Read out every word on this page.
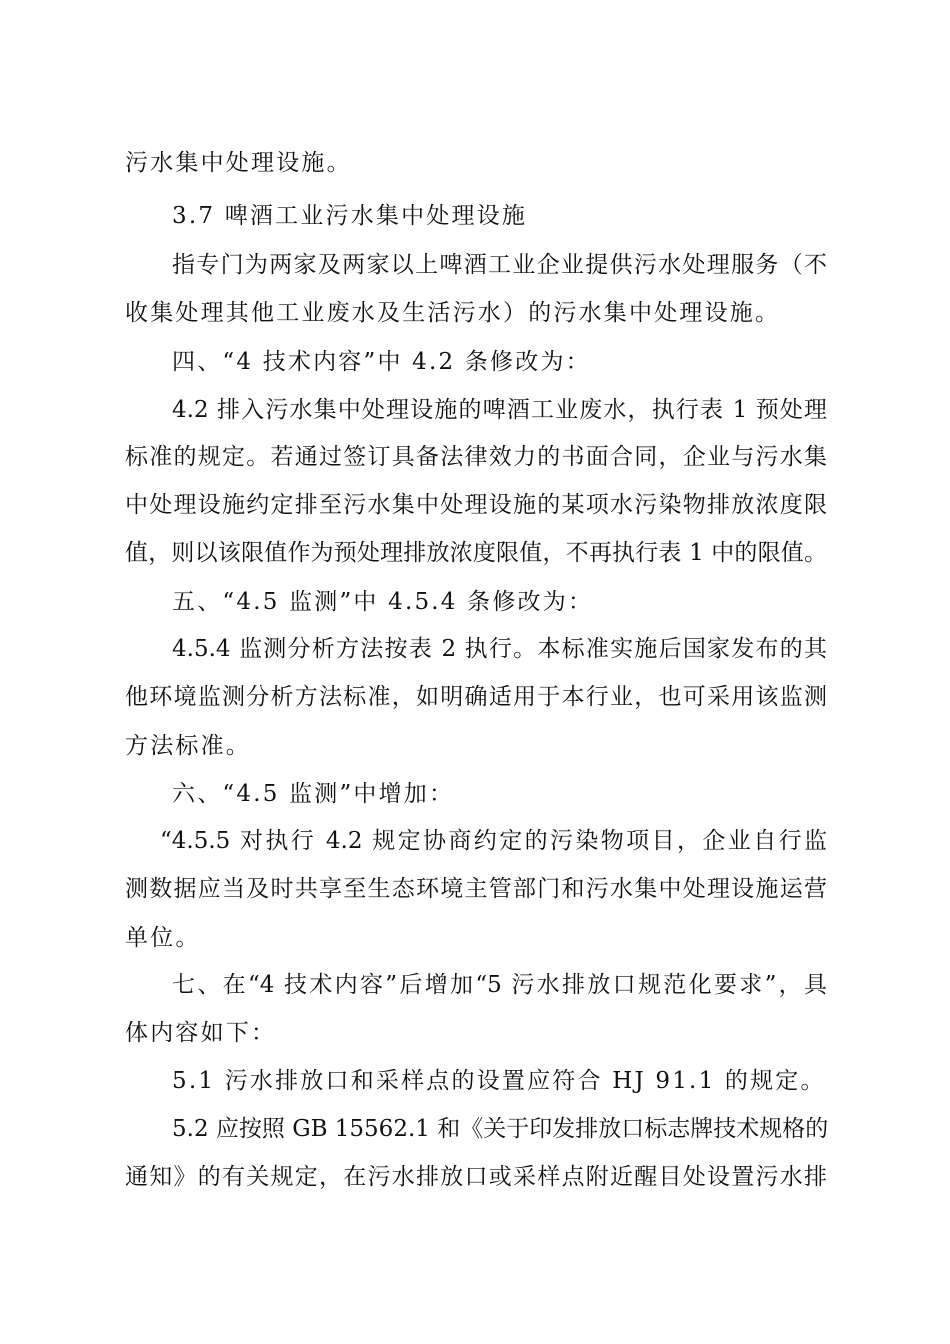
污水集中处理设施。

3.7 啤酒工业污水集中处理设施

指专门为两家及两家以上啤酒工业企业提供污水处理服务（不

收集处理其他工业废水及生活污水）的污水集中处理设施。

四、“4 技术内容”中 4.2 条修改为：

4.2 排入污水集中处理设施的啤酒工业废水，执行表 1 预处理

标准的规定。若通过签订具备法律效力的书面合同，企业与污水集

中处理设施约定排至污水集中处理设施的某项水污染物排放浓度限

值，则以该限值作为预处理排放浓度限值，不再执行表 1 中的限值。

五、“4.5 监测”中 4.5.4 条修改为：

4.5.4 监测分析方法按表 2 执行。本标准实施后国家发布的其

他环境监测分析方法标准，如明确适用于本行业，也可采用该监测

方法标准。

六、“4.5 监测”中增加：

“4.5.5 对执行 4.2 规定协商约定的污染物项目，企业自行监

测数据应当及时共享至生态环境主管部门和污水集中处理设施运营

单位。

七、在“4 技术内容”后增加“5 污水排放口规范化要求”，具

体内容如下：

5.1 污水排放口和采样点的设置应符合 HJ 91.1 的规定。

5.2 应按照 GB 15562.1 和《关于印发排放口标志牌技术规格的

通知》的有关规定，在污水排放口或采样点附近醒目处设置污水排
